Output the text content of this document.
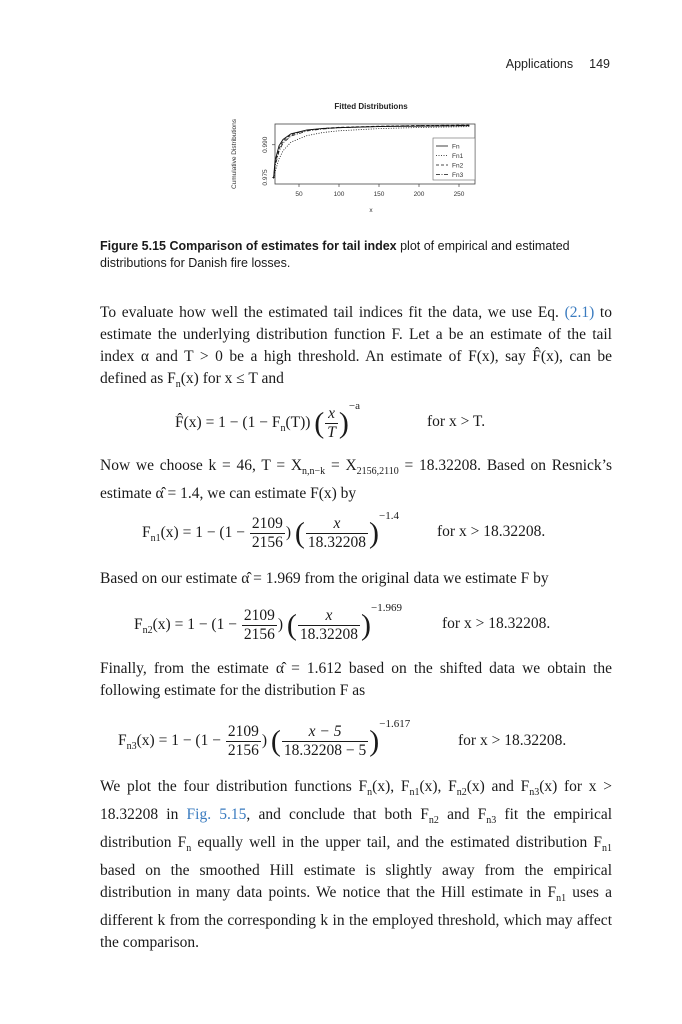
Applications 149
Fitted Distributions
50	100	150	200	250
x
0.975
0.990
Cumulative Distributions	Fn
Fn1
Fn2
Fn3
Figure 5.15 Comparison of estimates for tail index plot of empirical and estimated distributions for Danish fire losses.
To evaluate how well the estimated tail indices fit the data, we use Eq. (2.1) to estimate the underlying distribution function F. Let a be an estimate of the tail index α and T > 0 be a high threshold. An estimate of F(x), say F̂(x), can be defined as $F_n(x)$ for x ≤ T and
F̂(x) = $1 - (1 - F_n(T))$ ( $\frac{x}{T} )^{-a}$
for x > T.
Now we choose k = 46, $T = X_{n,n-k} = X_{2156,2110} = 18.32208$. Based on Resnick’s estimate α̂ = 1.4, we can estimate F(x) by
$F_{n1}(x) = 1 - (1 - \frac{2109}{2156}$ ) ( $\frac{x}{18.32208} )^{-1.4}$
for x > 18.32208.
Based on our estimate α̂ = 1.969 from the original data we estimate F by
$F_{n2}(x) = 1 - (1 - \frac{2109}{2156}$ ) ( $\frac{x}{18.32208} )^{-1.969}$
for x > 18.32208.
Finally, from the estimate α̂ = 1.612 based on the shifted data we obtain the following estimate for the distribution F as
$F_{n3}(x) = 1 - (1 - \frac{2109}{2156}$ ) ( $\frac{x - 5}{18.32208 - 5} )^{-1.617}$
for x > 18.32208.
We plot the four distribution functions $F_n(x)$, $F_{n1}(x)$, $F_{n2}(x)$ and $F_{n3}(x)$ for x > 18.32208 in Fig. 5.15, and conclude that both $F_{n2}$ and $F_{n3}$ fit the empirical distribution $F_n$ equally well in the upper tail, and the estimated distribution $F_{n1}$ based on the smoothed Hill estimate is slightly away from the empirical distribution in many data points. We notice that the Hill estimate in $F_{n1}$ uses a different k from the corresponding k in the employed threshold, which may affect the comparison.
